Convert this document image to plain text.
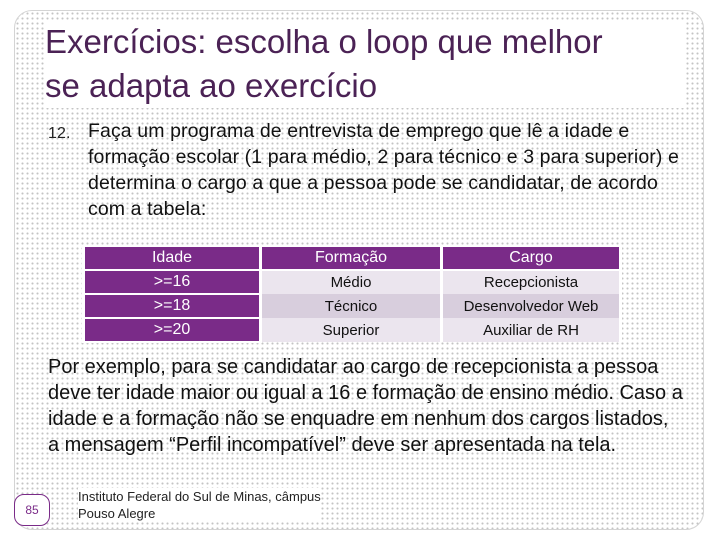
Exercícios: escolha o loop que melhor
se adapta ao exercício
12. Faça um programa de entrevista de emprego que lê a idade e formação escolar (1 para médio, 2 para técnico e 3 para superior) e determina o cargo a que a pessoa pode se candidatar, de acordo com a tabela:
Idade	Formação	Cargo
>=16	Médio	Recepcionista
>=18	Técnico	Desenvolvedor Web
>=20	Superior	Auxiliar de RH
Por exemplo, para se candidatar ao cargo de recepcionista a pessoa deve ter idade maior ou igual a 16 e formação de ensino médio. Caso a idade e a formação não se enquadre em nenhum dos cargos listados, a mensagem “Perfil incompatível” deve ser apresentada na tela.
85
Instituto Federal do Sul de Minas, câmpus
Pouso Alegre
